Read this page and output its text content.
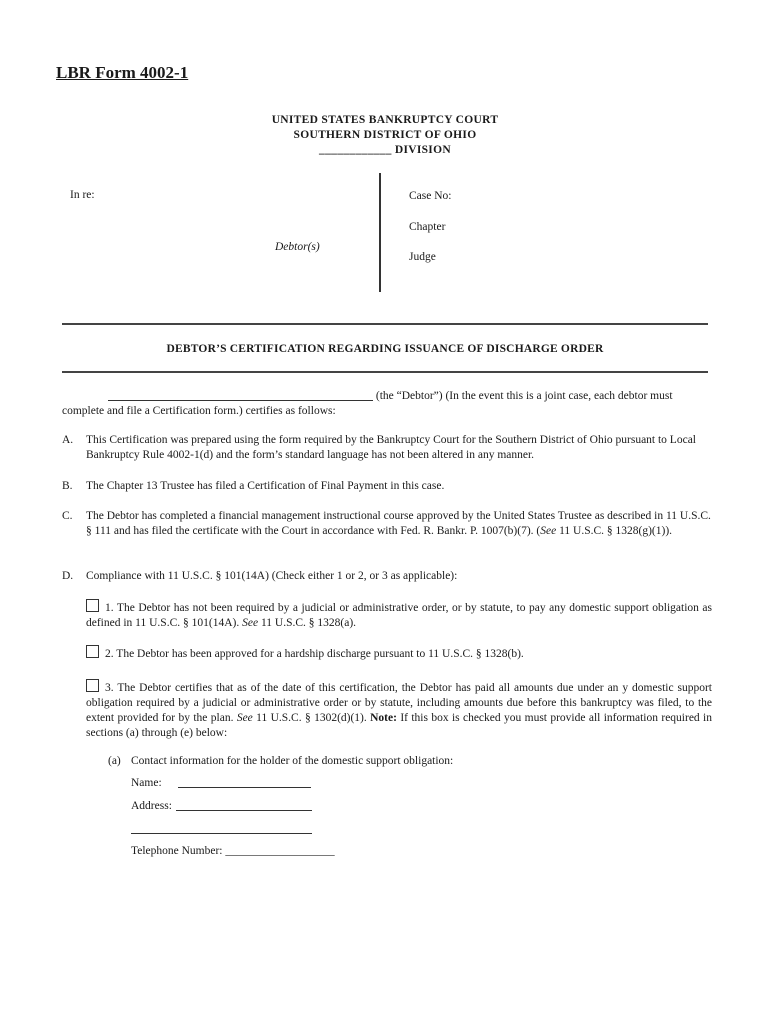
LBR Form 4002-1
UNITED STATES BANKRUPTCY COURT
SOUTHERN DISTRICT OF OHIO
____________ DIVISION
In re:
Debtor(s)
Case No:
Chapter
Judge
DEBTOR’S CERTIFICATION REGARDING ISSUANCE OF DISCHARGE ORDER
(the “Debtor”) (In the event this is a joint case, each debtor must
complete and file a Certification form.) certifies as follows:
A. This Certification was prepared using the form required by the Bankruptcy Court for the Southern District of Ohio pursuant to Local Bankruptcy Rule 4002-1(d) and the form’s standard language has not been altered in any manner.
B. The Chapter 13 Trustee has filed a Certification of Final Payment in this case.
C. The Debtor has completed a financial management instructional course approved by the United States Trustee as described in 11 U.S.C. § 111 and has filed the certificate with the Court in accordance with Fed. R. Bankr. P. 1007(b)(7). (See 11 U.S.C. § 1328(g)(1)).
D. Compliance with 11 U.S.C. § 101(14A) (Check either 1 or 2, or 3 as applicable):
1. The Debtor has not been required by a judicial or administrative order, or by statute, to pay any domestic support obligation as defined in 11 U.S.C. § 101(14A). See 11 U.S.C. § 1328(a).
2. The Debtor has been approved for a hardship discharge pursuant to 11 U.S.C. § 1328(b).
3. The Debtor certifies that as of the date of this certification, the Debtor has paid all amounts due under an y domestic support obligation required by a judicial or administrative order or by statute, including amounts due before this bankruptcy was filed, to the extent provided for by the plan. See 11 U.S.C. § 1302(d)(1). Note: If this box is checked you must provide all information required in sections (a) through (e) below:
(a) Contact information for the holder of the domestic support obligation:
Name:
Address:
Telephone Number: ___________________
